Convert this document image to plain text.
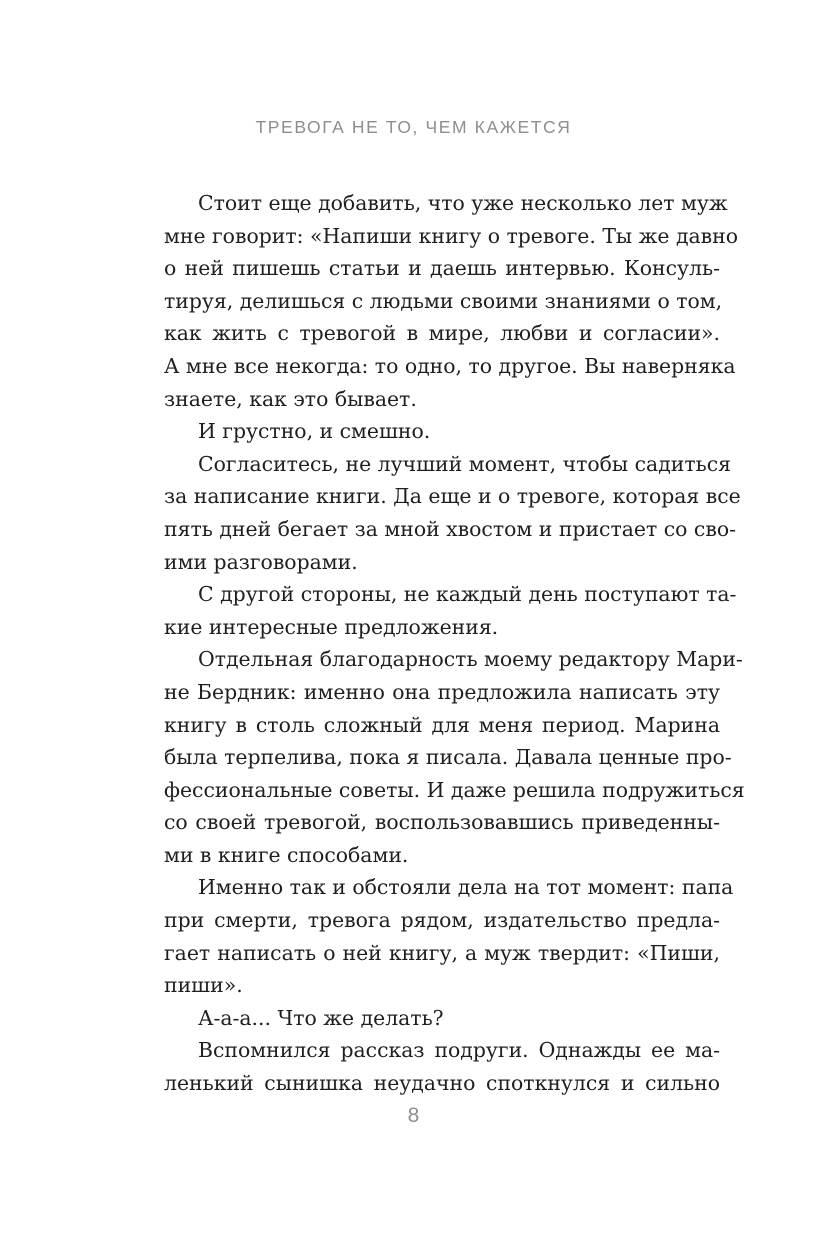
ТРЕВОГА НЕ ТО, ЧЕМ КАЖЕТСЯ

Стоит еще добавить, что уже несколько лет муж
мне говорит: «Напиши книгу о тревоге. Ты же давно
о ней пишешь статьи и даешь интервью. Консуль-
тируя, делишься с людьми своими знаниями о том,
как жить с тревогой в мире, любви и согласии».
А мне все некогда: то одно, то другое. Вы наверняка
знаете, как это бывает.

И грустно, и смешно.

Согласитесь, не лучший момент, чтобы садиться
за написание книги. Да еще и о тревоге, которая все
пять дней бегает за мной хвостом и пристает со сво-
ими разговорами.

С другой стороны, не каждый день поступают та-
кие интересные предложения.

Отдельная благодарность моему редактору Мари-
не Бердник: именно она предложила написать эту
книгу в столь сложный для меня период. Марина
была терпелива, пока я писала. Давала ценные про-
фессиональные советы. И даже решила подружиться
со своей тревогой, воспользовавшись приведенны-
ми в книге способами.

Именно так и обстояли дела на тот момент: папа
при смерти, тревога рядом, издательство предла-
гает написать о ней книгу, а муж твердит: «Пиши,
пиши».

А-а-а... Что же делать?

Вспомнился рассказ подруги. Однажды ее ма-
ленький сынишка неудачно споткнулся и сильно

8
